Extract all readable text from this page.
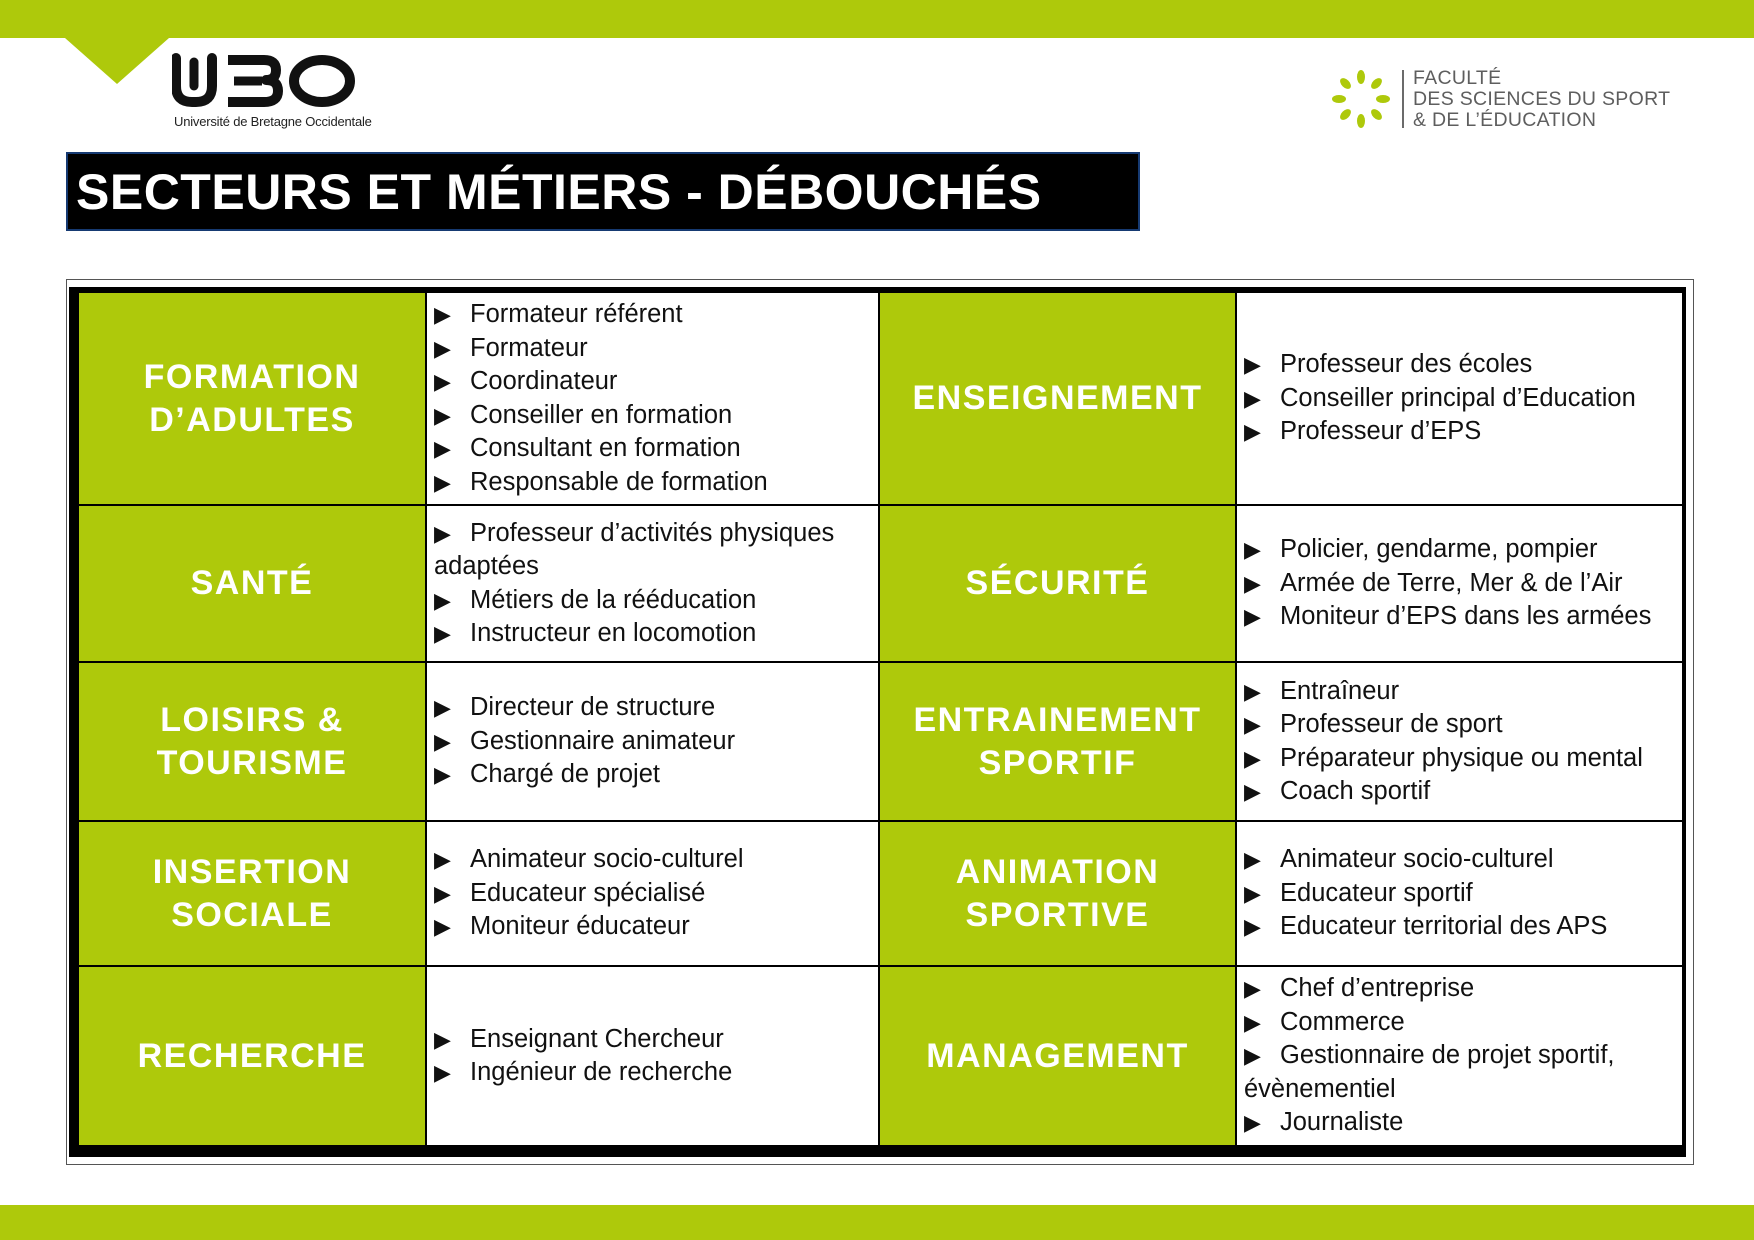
Université de Bretagne Occidentale
FACULTÉ
DES SCIENCES DU SPORT
& DE L’ÉDUCATION
SECTEURS ET MÉTIERS - DÉBOUCHÉS
FORMATION
D’ADULTES
▶ Formateur référent
▶ Formateur
▶ Coordinateur
▶ Conseiller en formation
▶ Consultant en formation
▶ Responsable de formation
ENSEIGNEMENT
▶ Professeur des écoles
▶ Conseiller principal d’Education
▶ Professeur d’EPS
SANTÉ
▶ Professeur d’activités physiques adaptées
▶ Métiers de la rééducation
▶ Instructeur en locomotion
SÉCURITÉ
▶ Policier, gendarme, pompier
▶ Armée de Terre, Mer & de l’Air
▶ Moniteur d’EPS dans les armées
LOISIRS &
TOURISME
▶ Directeur de structure
▶ Gestionnaire animateur
▶ Chargé de projet
ENTRAINEMENT
SPORTIF
▶ Entraîneur
▶ Professeur de sport
▶ Préparateur physique ou mental
▶ Coach sportif
INSERTION
SOCIALE
▶ Animateur socio-culturel
▶ Educateur spécialisé
▶ Moniteur éducateur
ANIMATION
SPORTIVE
▶ Animateur socio-culturel
▶ Educateur sportif
▶ Educateur territorial des APS
RECHERCHE	▶ Enseignant Chercheur
▶ Ingénieur de recherche	MANAGEMENT
▶ Chef d’entreprise
▶ Commerce
▶ Gestionnaire de projet sportif, évènementiel
▶ Journaliste
